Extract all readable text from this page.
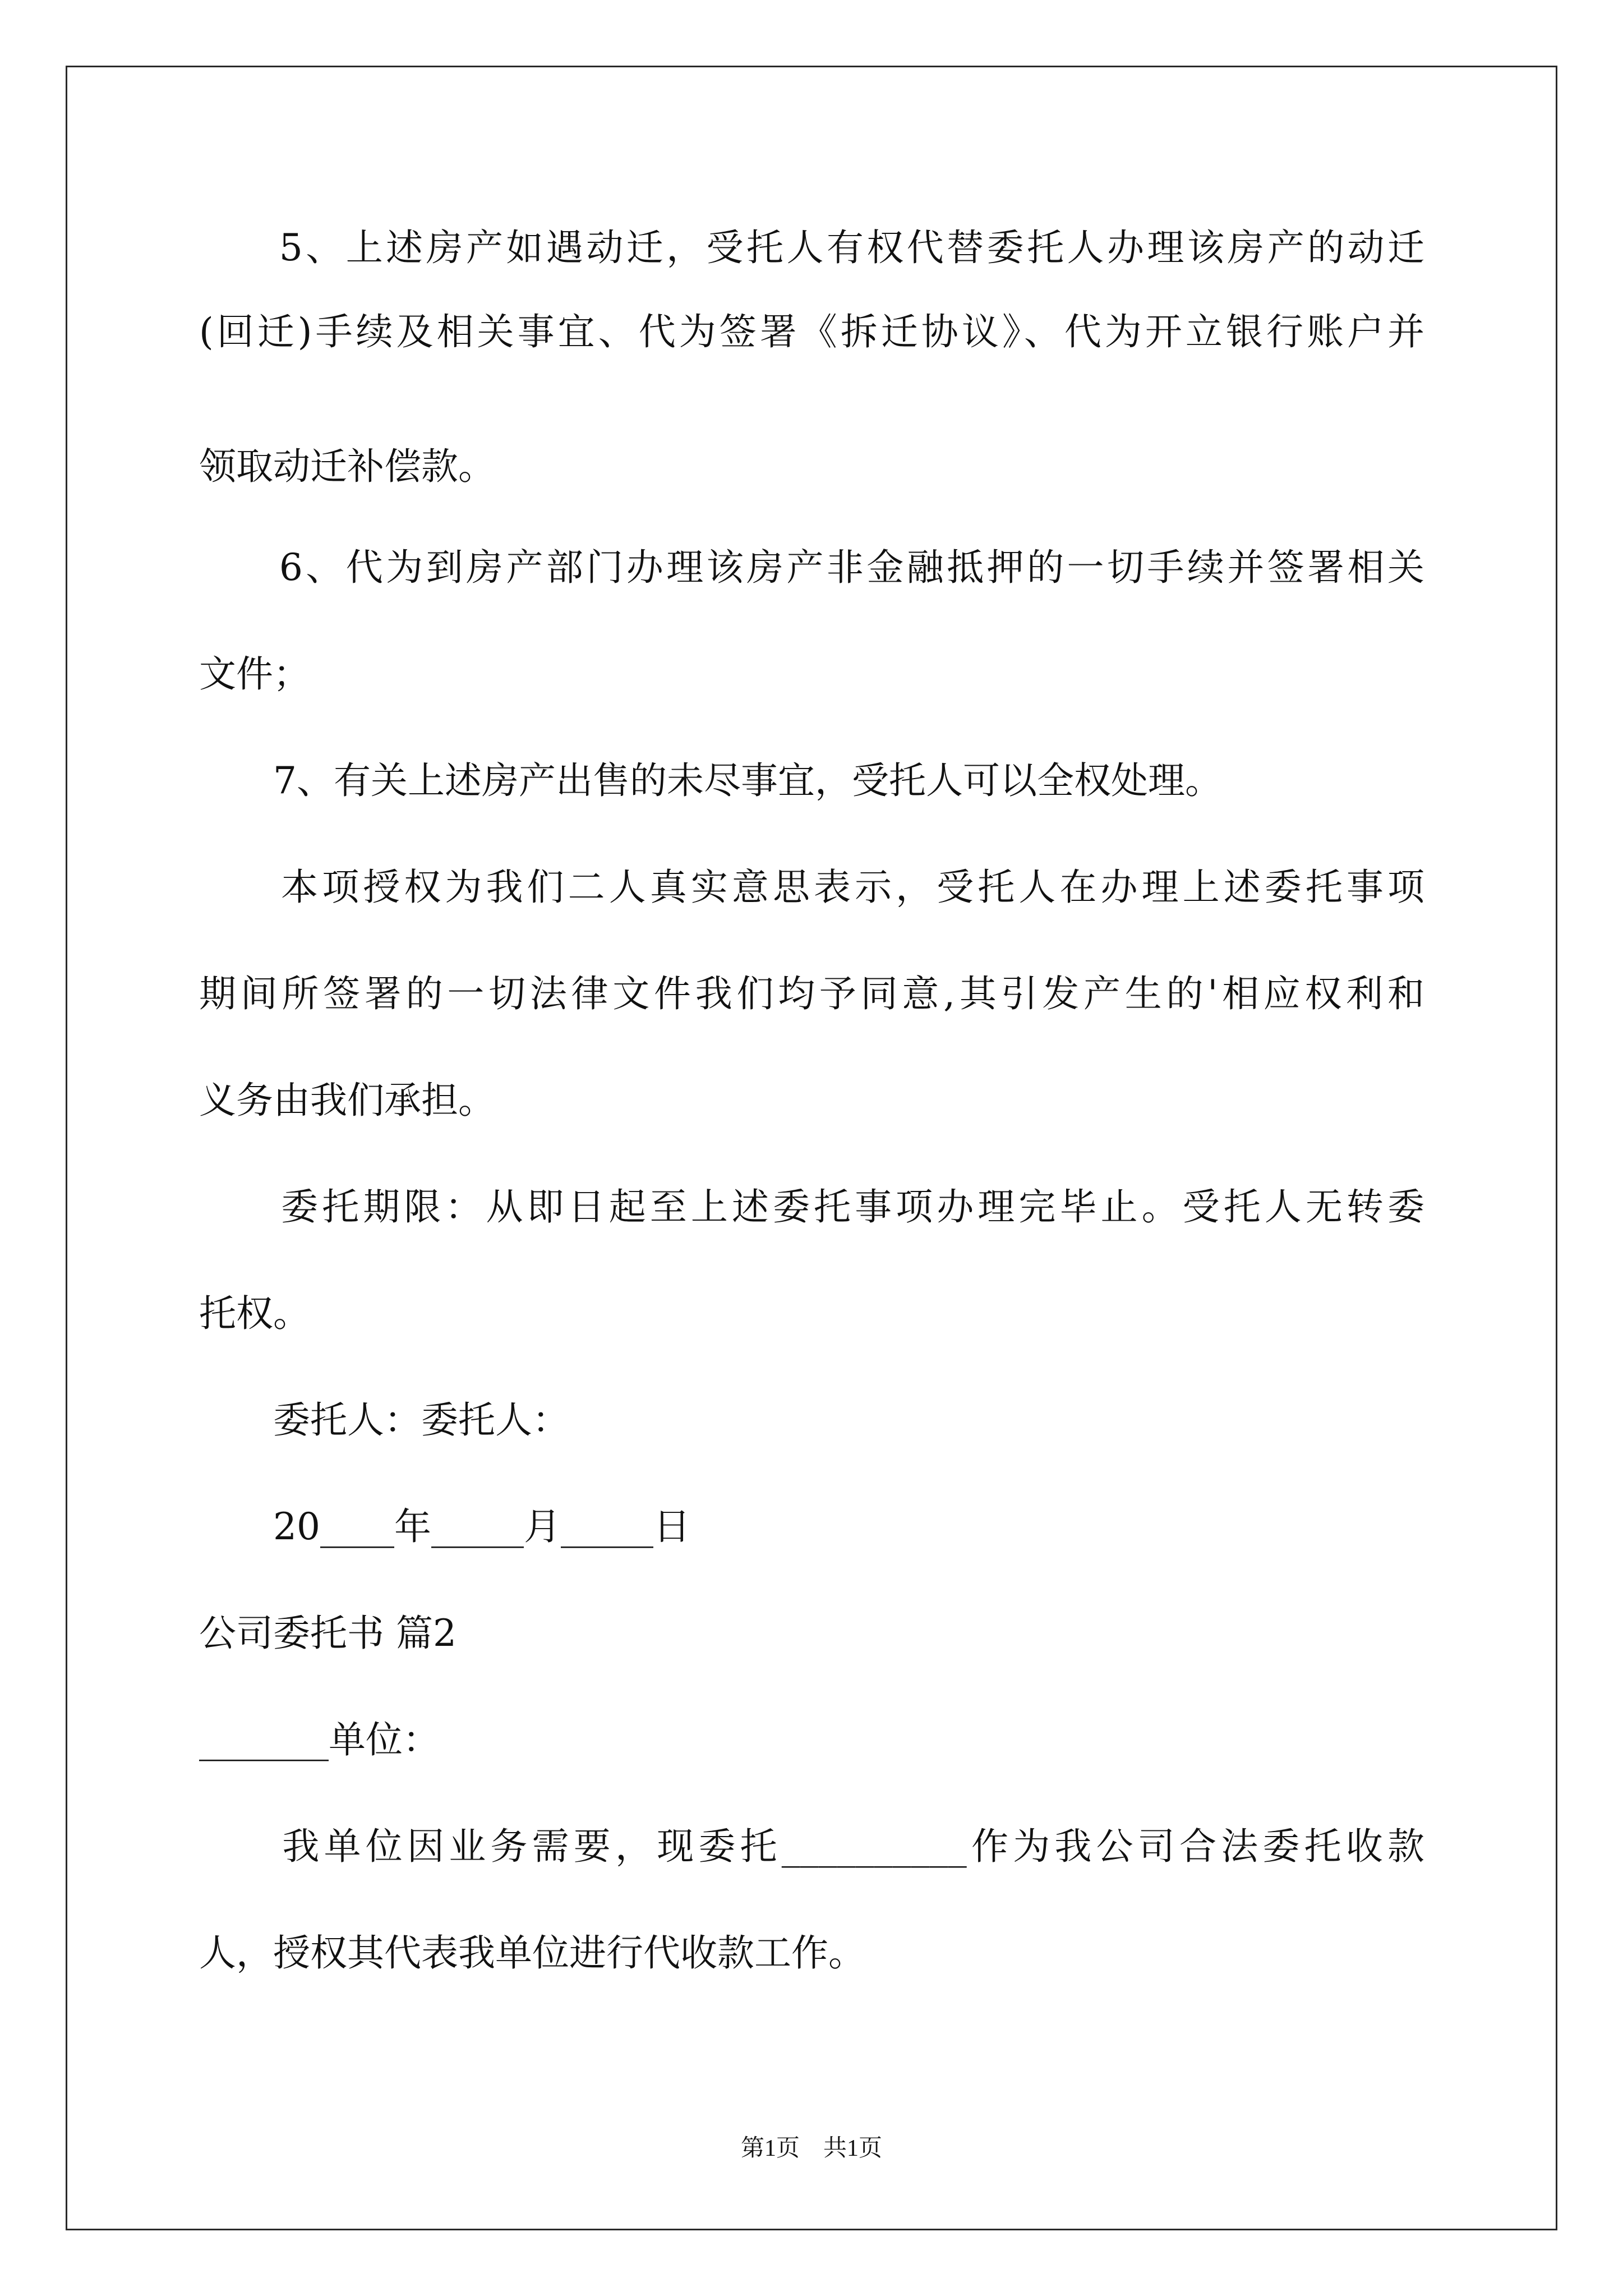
　　5、上述房产如遇动迁，受托人有权代替委托人办理该房产的动迁
(回迁)手续及相关事宜、代为签署《拆迁协议》、代为开立银行账户并
领取动迁补偿款。
　　6、代为到房产部门办理该房产非金融抵押的一切手续并签署相关
文件；
　　7、有关上述房产出售的未尽事宜，受托人可以全权处理。
　　本项授权为我们二人真实意思表示，受托人在办理上述委托事项
期间所签署的一切法律文件我们均予同意,其引发产生的'相应权利和
义务由我们承担。
　　委托期限：从即日起至上述委托事项办理完毕止。受托人无转委
托权。
　　委托人：委托人：
　　20____年_____月_____日
公司委托书 篇2
_______单位：
　　我单位因业务需要，现委托__________作为我公司合法委托收款
人，授权其代表我单位进行代收款工作。
第1页　共1页
